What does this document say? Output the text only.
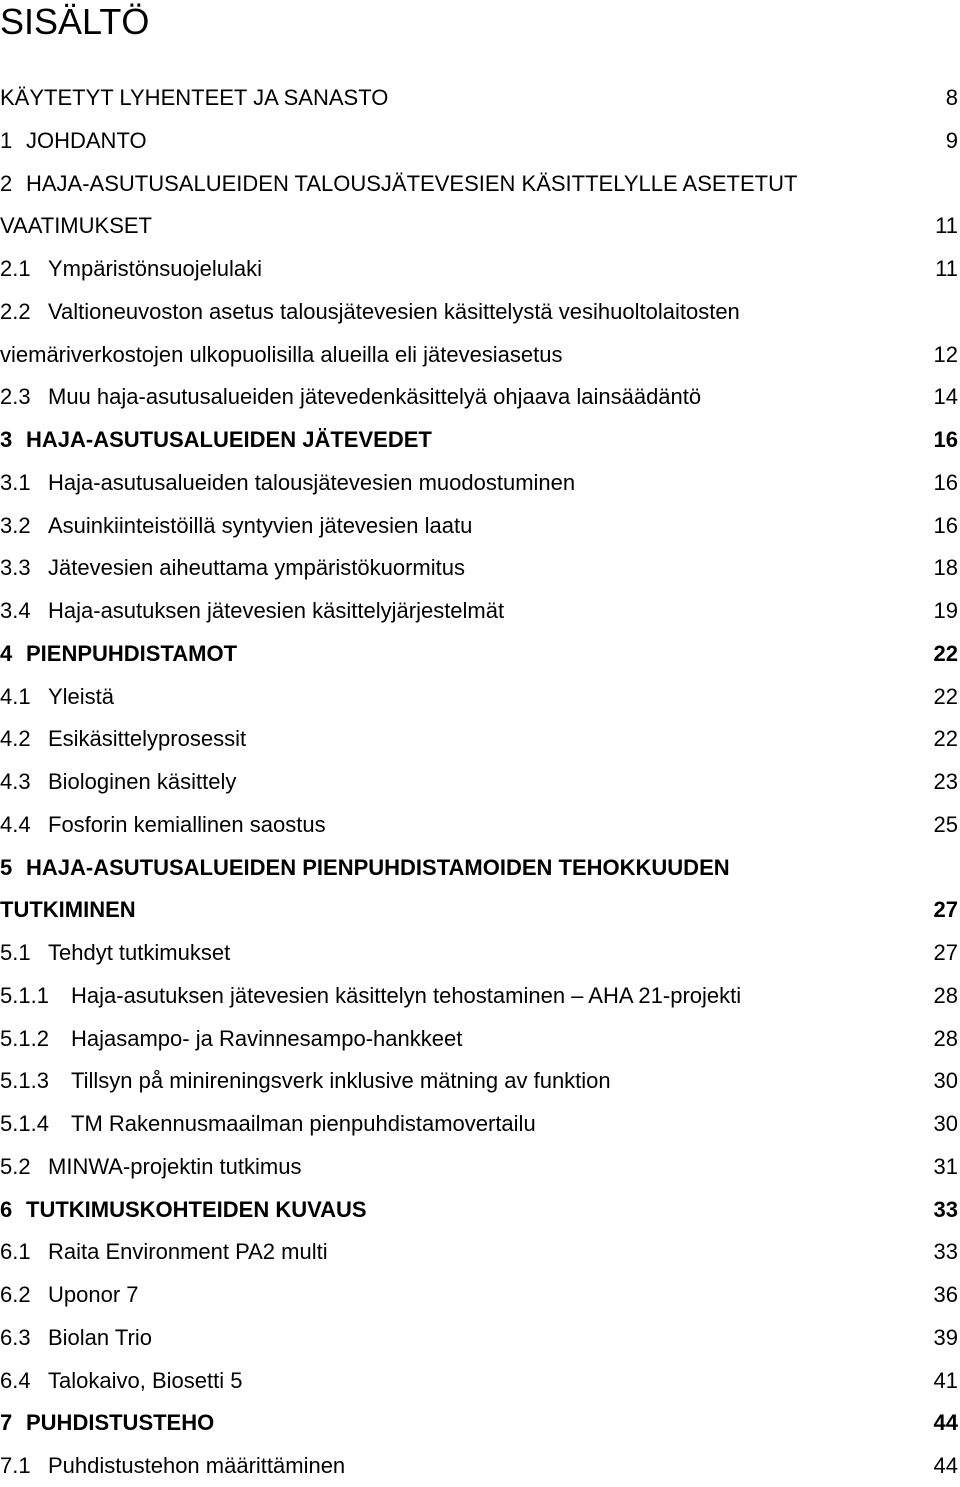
SISÄLTÖ
KÄYTETYT LYHENTEET JA SANASTO	8
1 JOHDANTO	9
2 HAJA-ASUTUSALUEIDEN TALOUSJÄTEVESIEN KÄSITTELYLLE ASETETUT
VAATIMUKSET	11
2.1 Ympäristönsuojelulaki	11
2.2 Valtioneuvoston asetus talousjätevesien käsittelystä vesihuoltolaitosten
viemäriverkostojen ulkopuolisilla alueilla eli jätevesiasetus	12
2.3 Muu haja-asutusalueiden jätevedenkäsittelyä ohjaava lainsäädäntö	14
3 HAJA-ASUTUSALUEIDEN JÄTEVEDET	16
3.1 Haja-asutusalueiden talousjätevesien muodostuminen	16
3.2 Asuinkiinteistöillä syntyvien jätevesien laatu	16
3.3 Jätevesien aiheuttama ympäristökuormitus	18
3.4 Haja-asutuksen jätevesien käsittelyjärjestelmät	19
4 PIENPUHDISTAMOT	22
4.1 Yleistä	22
4.2 Esikäsittelyprosessit	22
4.3 Biologinen käsittely	23
4.4 Fosforin kemiallinen saostus	25
5 HAJA-ASUTUSALUEIDEN PIENPUHDISTAMOIDEN TEHOKKUUDEN
TUTKIMINEN	27
5.1 Tehdyt tutkimukset	27
5.1.1 Haja-asutuksen jätevesien käsittelyn tehostaminen – AHA 21-projekti	28
5.1.2 Hajasampo- ja Ravinnesampo-hankkeet	28
5.1.3 Tillsyn på minireningsverk inklusive mätning av funktion	30
5.1.4 TM Rakennusmaailman pienpuhdistamovertailu	30
5.2 MINWA-projektin tutkimus	31
6 TUTKIMUSKOHTEIDEN KUVAUS	33
6.1 Raita Environment PA2 multi	33
6.2 Uponor 7	36
6.3 Biolan Trio	39
6.4 Talokaivo, Biosetti 5	41
7 PUHDISTUSTEHO	44
7.1 Puhdistustehon määrittäminen	44
